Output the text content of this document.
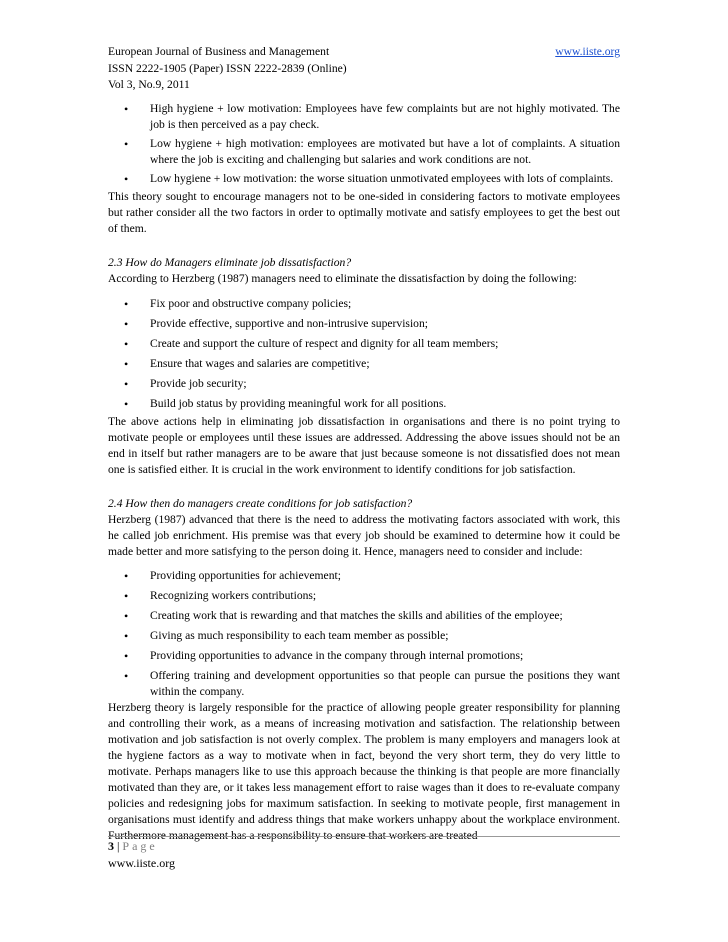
European Journal of Business and Management	www.iiste.org
ISSN 2222-1905 (Paper) ISSN 2222-2839 (Online)
Vol 3, No.9, 2011
• High hygiene + low motivation: Employees have few complaints but are not highly motivated. The job is then perceived as a pay check.
• Low hygiene + high motivation: employees are motivated but have a lot of complaints. A situation where the job is exciting and challenging but salaries and work conditions are not.
• Low hygiene + low motivation: the worse situation unmotivated employees with lots of complaints.

This theory sought to encourage managers not to be one-sided in considering factors to motivate employees but rather consider all the two factors in order to optimally motivate and satisfy employees to get the best out of them.

2.3 How do Managers eliminate job dissatisfaction?

According to Herzberg (1987) managers need to eliminate the dissatisfaction by doing the following:

• Fix poor and obstructive company policies;
• Provide effective, supportive and non-intrusive supervision;
• Create and support the culture of respect and dignity for all team members;
• Ensure that wages and salaries are competitive;
• Provide job security;
• Build job status by providing meaningful work for all positions.

The above actions help in eliminating job dissatisfaction in organisations and there is no point trying to motivate people or employees until these issues are addressed. Addressing the above issues should not be an end in itself but rather managers are to be aware that just because someone is not dissatisfied does not mean one is satisfied either. It is crucial in the work environment to identify conditions for job satisfaction.

2.4 How then do managers create conditions for job satisfaction?

Herzberg (1987) advanced that there is the need to address the motivating factors associated with work, this he called job enrichment. His premise was that every job should be examined to determine how it could be made better and more satisfying to the person doing it. Hence, managers need to consider and include:

• Providing opportunities for achievement;
• Recognizing workers contributions;
• Creating work that is rewarding and that matches the skills and abilities of the employee;
• Giving as much responsibility to each team member as possible;
• Providing opportunities to advance in the company through internal promotions;
• Offering training and development opportunities so that people can pursue the positions they want within the company.

Herzberg theory is largely responsible for the practice of allowing people greater responsibility for planning and controlling their work, as a means of increasing motivation and satisfaction. The relationship between motivation and job satisfaction is not overly complex. The problem is many employers and managers look at the hygiene factors as a way to motivate when in fact, beyond the very short term, they do very little to motivate. Perhaps managers like to use this approach because the thinking is that people are more financially motivated than they are, or it takes less management effort to raise wages than it does to re-evaluate company policies and redesigning jobs for maximum satisfaction. In seeking to motivate people, first management in organisations must identify and address things that make workers unhappy about the workplace environment. Furthermore management has a responsibility to ensure that workers are treated

3 | Page
www.iiste.org
